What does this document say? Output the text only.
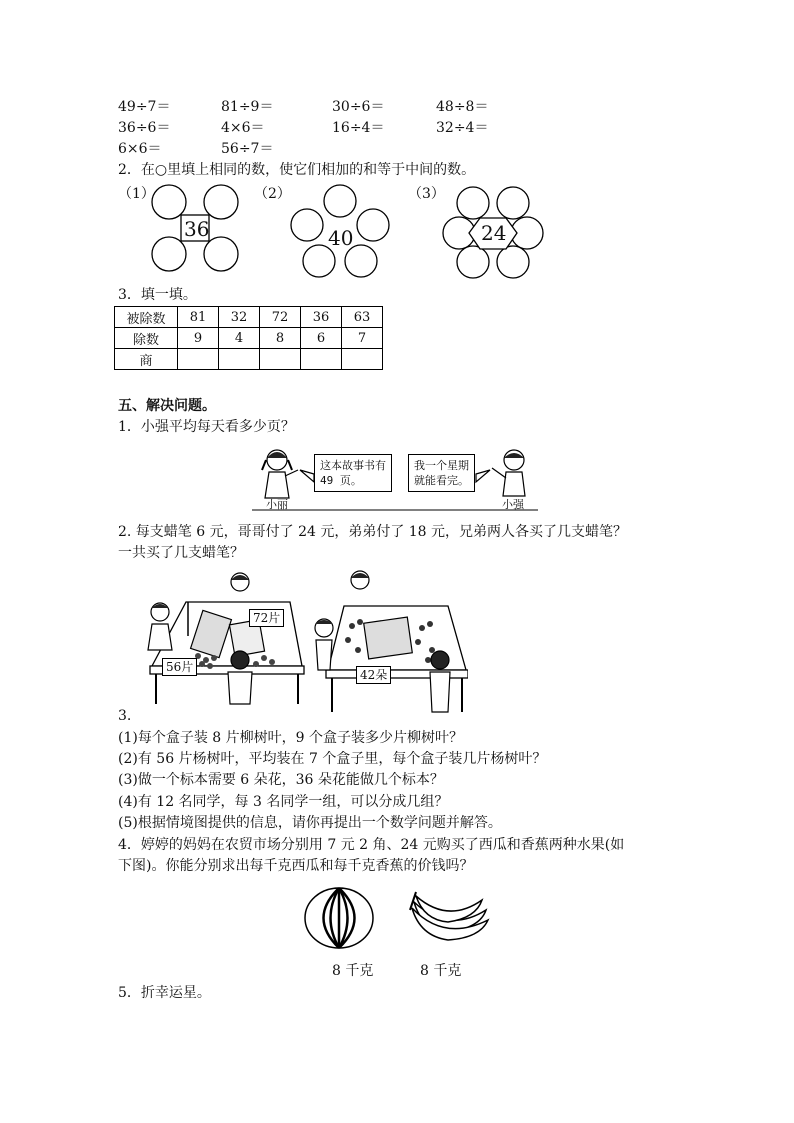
49÷7＝	81÷9＝	30÷6＝	48÷8＝
36÷6＝	4×6＝	16÷4＝	32÷4＝
6×6＝	56÷7＝
2．在○里填上相同的数，使它们相加的和等于中间的数。
（1）	（2）	（3）
36	40	24
3．填一填。
被除数	81	32	72	36	63
除数	9	4	8	6	7
商					
五、解决问题。
1．小强平均每天看多少页？
这本故事书有
49 页。
我一个星期
就能看完。
小丽	小强
2. 每支蜡笔 6 元，哥哥付了 24 元，弟弟付了 18 元，兄弟两人各买了几支蜡笔？
一共买了几支蜡笔？
72片
56片
42朵
3.
(1)每个盒子装 8 片柳树叶，9 个盒子装多少片柳树叶？
(2)有 56 片杨树叶，平均装在 7 个盒子里，每个盒子装几片杨树叶？
(3)做一个标本需要 6 朵花，36 朵花能做几个标本？
(4)有 12 名同学，每 3 名同学一组，可以分成几组？
(5)根据情境图提供的信息，请你再提出一个数学问题并解答。
4．婷婷的妈妈在农贸市场分别用 7 元 2 角、24 元购买了西瓜和香蕉两种水果(如
下图)。你能分别求出每千克西瓜和每千克香蕉的价钱吗？
8 千克	8 千克
5．折幸运星。
